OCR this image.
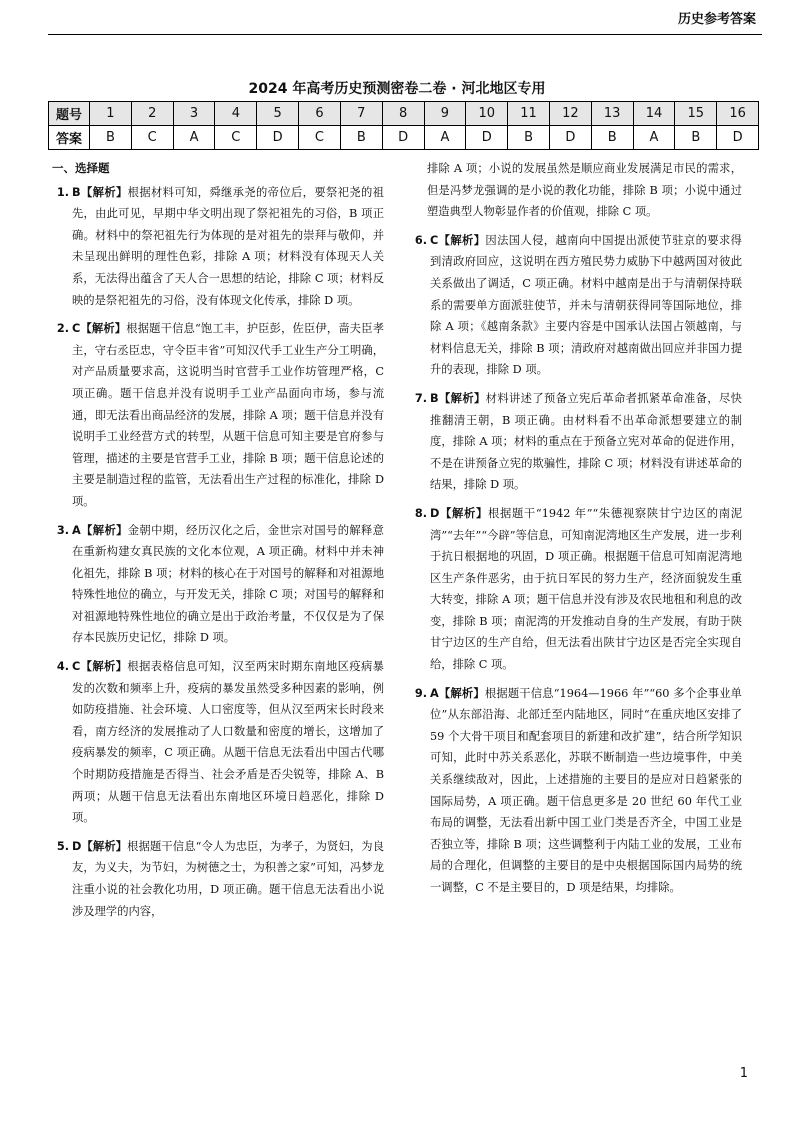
历史参考答案
2024 年高考历史预测密卷二卷 · 河北地区专用
题号	1	2	3	4	5	6	7	8	9	10	11	12	13	14	15	16
答案	B	C	A	C	D	C	B	D	A	D	B	D	B	A	B	D
一、选择题
1. B【解析】根据材料可知，舜继承尧的帝位后，要祭祀尧的祖先，由此可见，早期中华文明出现了祭祀祖先的习俗，B 项正确。材料中的祭祀祖先行为体现的是对祖先的崇拜与敬仰，并未呈现出鲜明的理性色彩，排除 A 项；材料没有体现天人关系，无法得出蕴含了天人合一思想的结论，排除 C 项；材料反映的是祭祀祖先的习俗，没有体现文化传承，排除 D 项。
2. C【解析】根据题干信息“饱工丰，护臣彭，佐臣伊，啬夫臣孝主，守右丞臣忠，守令臣丰省”可知汉代手工业生产分工明确，对产品质量要求高，这说明当时官营手工业作坊管理严格，C 项正确。题干信息并没有说明手工业产品面向市场，参与流通，即无法看出商品经济的发展，排除 A 项；题干信息并没有说明手工业经营方式的转型，从题干信息可知主要是官府参与管理，描述的主要是官营手工业，排除 B 项；题干信息论述的主要是制造过程的监管，无法看出生产过程的标准化，排除 D 项。
3. A【解析】金朝中期，经历汉化之后，金世宗对国号的解释意在重新构建女真民族的文化本位观，A 项正确。材料中并未神化祖先，排除 B 项；材料的核心在于对国号的解释和对祖源地特殊性地位的确立，与开发无关，排除 C 项；对国号的解释和对祖源地特殊性地位的确立是出于政治考量，不仅仅是为了保存本民族历史记忆，排除 D 项。
4. C【解析】根据表格信息可知，汉至两宋时期东南地区疫病暴发的次数和频率上升，疫病的暴发虽然受多种因素的影响，例如防疫措施、社会环境、人口密度等，但从汉至两宋长时段来看，南方经济的发展推动了人口数量和密度的增长，这增加了疫病暴发的频率，C 项正确。从题干信息无法看出中国古代哪个时期防疫措施是否得当、社会矛盾是否尖锐等，排除 A、B 两项；从题干信息无法看出东南地区环境日趋恶化，排除 D 项。
5. D【解析】根据题干信息“令人为忠臣，为孝子，为贤妇，为良友，为义夫，为节妇，为树德之士，为积善之家”可知，冯梦龙注重小说的社会教化功用，D 项正确。题干信息无法看出小说涉及理学的内容，
排除 A 项；小说的发展虽然是顺应商业发展满足市民的需求，但是冯梦龙强调的是小说的教化功能，排除 B 项；小说中通过塑造典型人物彰显作者的价值观，排除 C 项。
6. C【解析】因法国人侵，越南向中国提出派使节驻京的要求得到清政府回应，这说明在西方殖民势力威胁下中越两国对彼此关系做出了调适，C 项正确。材料中越南是出于与清朝保持联系的需要单方面派驻使节，并未与清朝获得同等国际地位，排除 A 项；《越南条款》主要内容是中国承认法国占领越南，与材料信息无关，排除 B 项；清政府对越南做出回应并非国力提升的表现，排除 D 项。
7. B【解析】材料讲述了预备立宪后革命者抓紧革命准备，尽快推翻清王朝，B 项正确。由材料看不出革命派想要建立的制度，排除 A 项；材料的重点在于预备立宪对革命的促进作用，不是在讲预备立宪的欺骗性，排除 C 项；材料没有讲述革命的结果，排除 D 项。
8. D【解析】根据题干“1942 年”“朱德视察陕甘宁边区的南泥湾”“去年”“今辟”等信息，可知南泥湾地区生产发展，进一步利于抗日根据地的巩固，D 项正确。根据题干信息可知南泥湾地区生产条件恶劣，由于抗日军民的努力生产，经济面貌发生重大转变，排除 A 项；题干信息并没有涉及农民地租和利息的改变，排除 B 项；南泥湾的开发推动自身的生产发展，有助于陕甘宁边区的生产自给，但无法看出陕甘宁边区是否完全实现自给，排除 C 项。
9. A【解析】根据题干信息“1964—1966 年”“60 多个企事业单位”从东部沿海、北部迁至内陆地区，同时“在重庆地区安排了 59 个大骨干项目和配套项目的新建和改扩建”，结合所学知识可知，此时中苏关系恶化，苏联不断制造一些边境事件，中美关系继续敌对，因此，上述措施的主要目的是应对日趋紧张的国际局势，A 项正确。题干信息更多是 20 世纪 60 年代工业布局的调整，无法看出新中国工业门类是否齐全，中国工业是否独立等，排除 B 项；这些调整利于内陆工业的发展，工业布局的合理化，但调整的主要目的是中央根据国际国内局势的统一调整，C 不是主要目的，D 项是结果，均排除。
1
